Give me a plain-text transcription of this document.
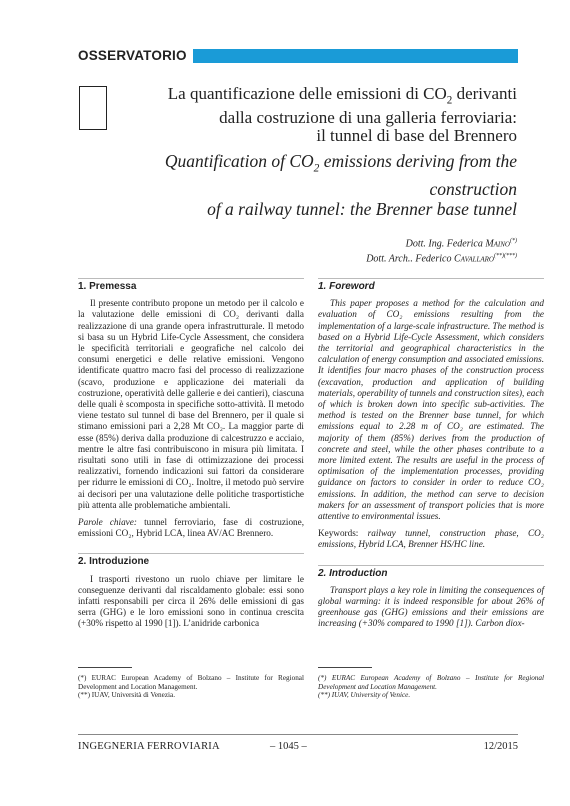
OSSERVATORIO
La quantificazione delle emissioni di $CO_2$ derivanti
dalla costruzione di una galleria ferroviaria:
il tunnel di base del Brennero
Quantification of $CO_2$ emissions deriving from the construction
of a railway tunnel: the Brenner base tunnel
Dott. Ing. Federica Maino(*)
Dott. Arch.. Federico Cavallaro(**)(***)
1. Premessa

Il presente contributo propone un metodo per il calcolo e la valutazione delle emissioni di CO₂ derivanti dalla realizzazione di una grande opera infrastrutturale. Il metodo si basa su un Hybrid Life-Cycle Assessment, che considera le specificità territoriali e geografiche nel calcolo dei consumi energetici e delle relative emissioni. Vengono identificate quattro macro fasi del processo di realizzazione (scavo, produzione e applicazione dei materiali da costruzione, operatività delle gallerie e dei cantieri), ciascuna delle quali è scomposta in specifiche sotto-attività. Il metodo viene testato sul tunnel di base del Brennero, per il quale si stimano emissioni pari a 2,28 Mt CO₂. La maggior parte di esse (85%) deriva dalla produzione di calcestruzzo e acciaio, mentre le altre fasi contribuiscono in misura più limitata. I risultati sono utili in fase di ottimizzazione dei processi realizzativi, fornendo indicazioni sui fattori da considerare per ridurre le emissioni di CO₂. Inoltre, il metodo può servire ai decisori per una valutazione delle politiche trasportistiche più attenta alle problematiche ambientali.

Parole chiave: tunnel ferroviario, fase di costruzione, emissioni CO₂, Hybrid LCA, linea AV/AC Brennero.

2. Introduzione

I trasporti rivestono un ruolo chiave per limitare le conseguenze derivanti dal riscaldamento globale: essi sono infatti responsabili per circa il 26% delle emissioni di gas serra (GHG) e le loro emissioni sono in continua crescita (+30% rispetto al 1990 [1]). L’anidride carbonica

1. Foreword

This paper proposes a method for the calculation and evaluation of CO₂ emissions resulting from the implementation of a large-scale infrastructure. The method is based on a Hybrid Life-Cycle Assessment, which considers the territorial and geographical characteristics in the calculation of energy consumption and associated emissions. It identifies four macro phases of the construction process (excavation, production and application of building materials, operability of tunnels and construction sites), each of which is broken down into specific sub-activities. The method is tested on the Brenner base tunnel, for which emissions equal to 2.28 m of CO₂ are estimated. The majority of them (85%) derives from the production of concrete and steel, while the other phases contribute to a more limited extent. The results are useful in the process of optimisation of the implementation processes, providing guidance on factors to consider in order to reduce CO₂ emissions. In addition, the method can serve to decision makers for an assessment of transport policies that is more attentive to environmental issues.

Keywords: railway tunnel, construction phase, CO₂ emissions, Hybrid LCA, Brenner HS/HC line.

2. Introduction

Transport plays a key role in limiting the consequences of global warming: it is indeed responsible for about 26% of greenhouse gas (GHG) emissions and their emissions are increasing (+30% compared to 1990 [1]). Carbon diox-

(*) EURAC European Academy of Bolzano – Institute for Regional Development and Location Management.
(**) IUAV, Università di Venezia.
(*) EURAC European Academy of Bolzano – Institute for Regional Development and Location Management.
(**) IUAV, University of Venice.
INGEGNERIA FERROVIARIA	– 1045 –	12/2015
